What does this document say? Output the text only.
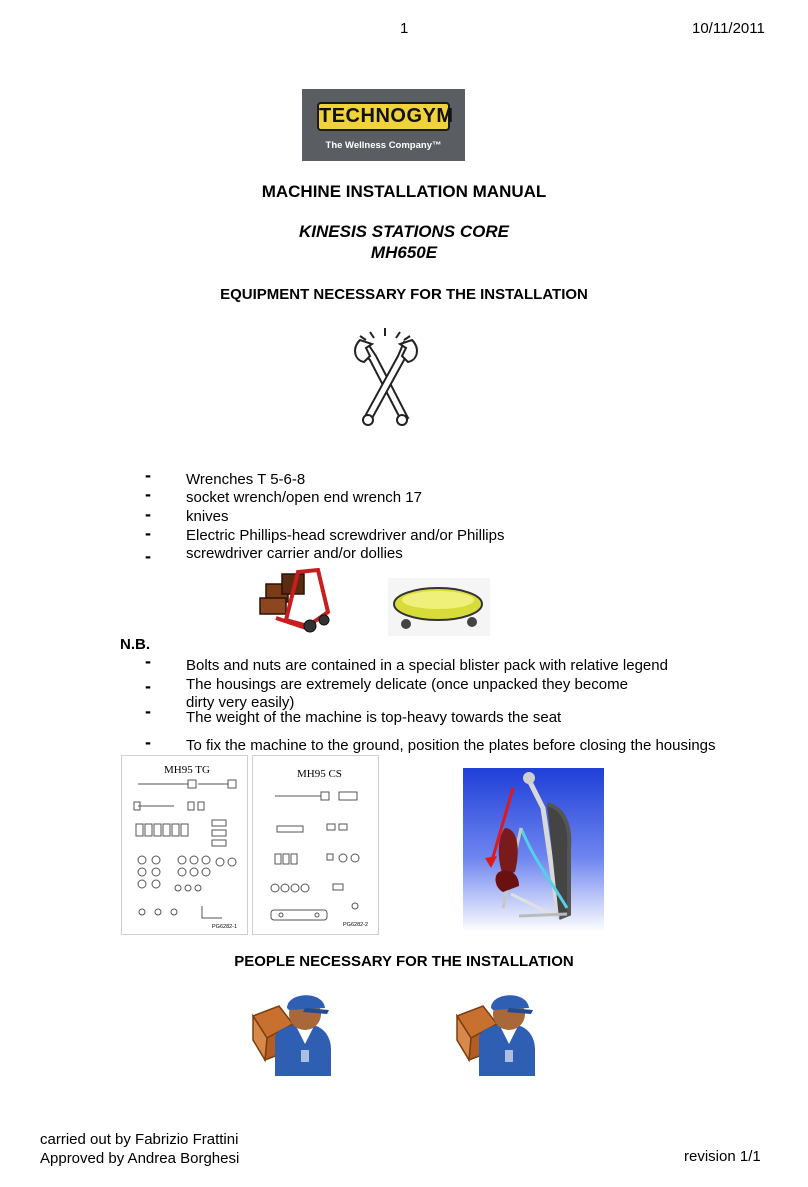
1	10/11/2011
TECHNOGYM
The Wellness Company™
MACHINE INSTALLATION MANUAL
KINESIS STATIONS CORE
MH650E
EQUIPMENT NECESSARY FOR THE INSTALLATION
- Wrenches T 5-6-8
- socket wrench/open end wrench 17
- knives
- Electric Phillips-head screwdriver and/or Phillips
- screwdriver carrier and/or dollies
N.B.
- Bolts and nuts are contained in a special blister pack with relative legend
- The housings are extremely delicate (once unpacked they become
dirty very easily)
- The weight of the machine is top-heavy towards the seat
- To fix the machine to the ground, position the plates before closing the housings
MH95 TG
PG6282-1
MH95 CS
PG6282-2
PEOPLE NECESSARY FOR THE INSTALLATION
carried out by Fabrizio Frattini
Approved by Andrea Borghesi	revision 1/1
